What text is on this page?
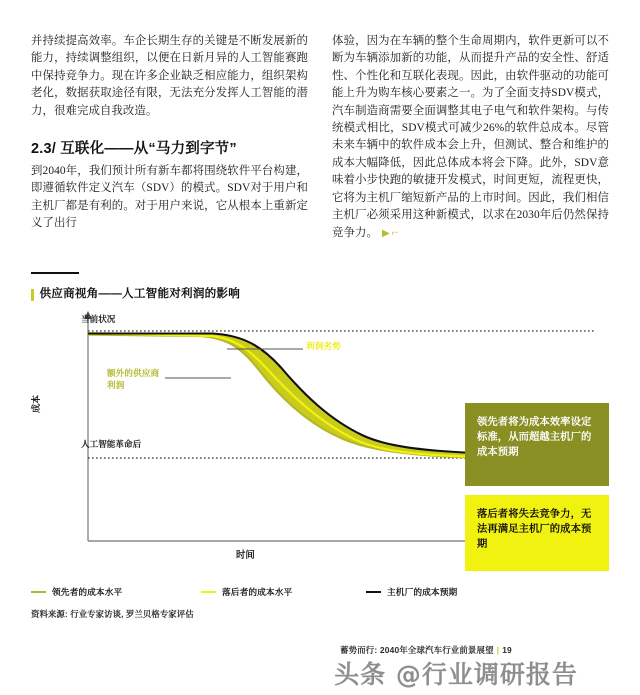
并持续提高效率。车企长期生存的关键是不断发展新的能力，持续调整组织，以便在日新月异的人工智能赛跑中保持竞争力。现在许多企业缺乏相应能力，组织架构老化，数据获取途径有限，无法充分发挥人工智能的潜力，很难完成自我改造。

2.3/ 互联化——从“马力到字节”

到2040年，我们预计所有新车都将围绕软件平台构建，即遵循软件定义汽车（SDV）的模式。SDV对于用户和主机厂都是有利的。对于用户来说，它从根本上重新定义了出行

体验，因为在车辆的整个生命周期内，软件更新可以不断为车辆添加新的功能，从而提升产品的安全性、舒适性、个性化和互联化表现。因此，由软件驱动的功能可能上升为购车核心要素之一。为了全面支持SDV模式，汽车制造商需要全面调整其电子电气和软件架构。与传统模式相比，SDV模式可减少26%的软件总成本。尽管未来车辆中的软件成本会上升，但测试、整合和维护的成本大幅降低，因此总体成本将会下降。此外，SDV意味着小步快跑的敏捷开发模式，时间更短，流程更快，它将为主机厂缩短新产品的上市时间。因此，我们相信主机厂必须采用这种新模式，以求在2030年后仍然保持竞争力。 ▶ ⌐

供应商视角——人工智能对利润的影响
当前状况
人工智能革命后
成本
时间
额外的供应商利润
利润劣势
领先者将为成本效率设定标准，从而超越主机厂的成本预期
落后者将失去竞争力，无法再满足主机厂的成本预期
领先者的成本水平	落后者的成本水平	主机厂的成本预期
资料来源: 行业专家访谈, 罗兰贝格专家评估
蓄势而行: 2040年全球汽车行业前景展望 | 19
头条 @行业调研报告
